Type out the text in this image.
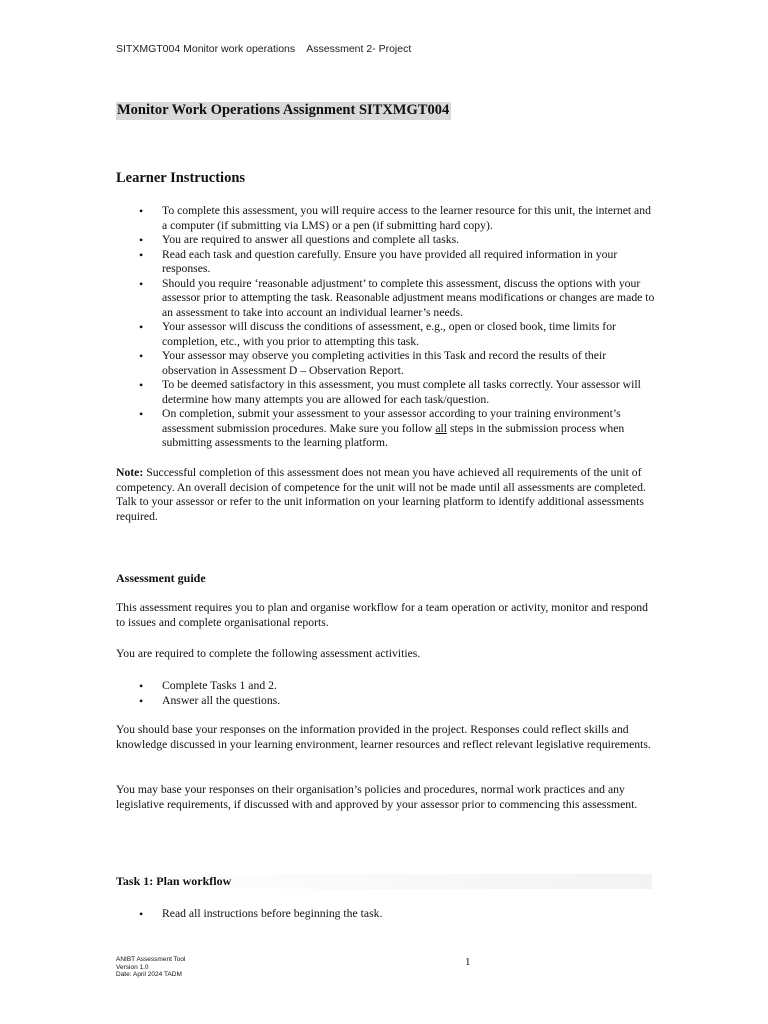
SITXMGT004 Monitor work operations    Assessment 2- Project
Monitor Work Operations Assignment SITXMGT004
Learner Instructions
• To complete this assessment, you will require access to the learner resource for this unit, the internet and a computer (if submitting via LMS) or a pen (if submitting hard copy).
• You are required to answer all questions and complete all tasks.
• Read each task and question carefully. Ensure you have provided all required information in your responses.
• Should you require ‘reasonable adjustment’ to complete this assessment, discuss the options with your assessor prior to attempting the task. Reasonable adjustment means modifications or changes are made to an assessment to take into account an individual learner’s needs.
• Your assessor will discuss the conditions of assessment, e.g., open or closed book, time limits for completion, etc., with you prior to attempting this task.
• Your assessor may observe you completing activities in this Task and record the results of their observation in Assessment D – Observation Report.
• To be deemed satisfactory in this assessment, you must complete all tasks correctly. Your assessor will determine how many attempts you are allowed for each task/question.
• On completion, submit your assessment to your assessor according to your training environment’s assessment submission procedures. Make sure you follow all steps in the submission process when submitting assessments to the learning platform.

Note: Successful completion of this assessment does not mean you have achieved all requirements of the unit of competency. An overall decision of competence for the unit will not be made until all assessments are completed. Talk to your assessor or refer to the unit information on your learning platform to identify additional assessments required.

Assessment guide

This assessment requires you to plan and organise workflow for a team operation or activity, monitor and respond to issues and complete organisational reports.

You are required to complete the following assessment activities.

• Complete Tasks 1 and 2.
• Answer all the questions.

You should base your responses on the information provided in the project. Responses could reflect skills and knowledge discussed in your learning environment, learner resources and reflect relevant legislative requirements.

You may base your responses on their organisation’s policies and procedures, normal work practices and any legislative requirements, if discussed with and approved by your assessor prior to commencing this assessment.

Task 1: Plan workflow
• Read all instructions before beginning the task.
ANIBT Assessment Tool
Version 1.0
Date: April 2024 TADM
1
